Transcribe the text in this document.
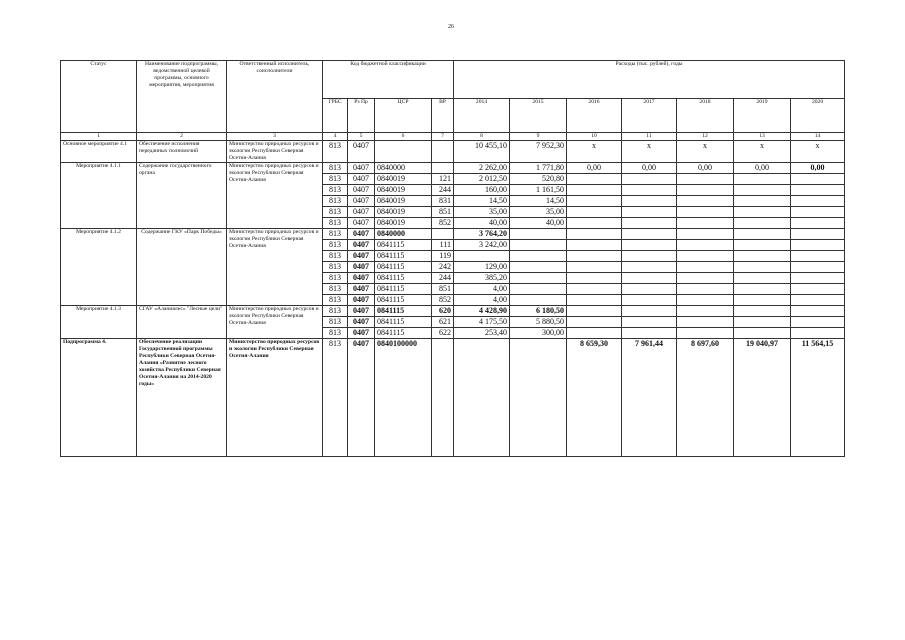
26
Статус	Наименование подпрограммы, ведомственной целевой программы, основного мероприятия, мероприятия	Ответственный исполнитель, соисполнители	Код бюджетной классификации				Расходы (тыс. рублей), годы						
			ГРБС	Рз Пр	ЦСР	ВР	2014	2015	2016	2017	2018	2019	2020
1	2	3	4	5	6	7	8	9	10	11	12	13	14
Основное мероприятие 4.1	Обеспечение исполнения переданных полномочий	Министерство природных ресурсов и экологии Республики Северная Осетия-Алания	813	0407			10 455,10	7 952,30	x	x	x	x	x
Мероприятие 4.1.1	Содержание государственного органа	Министерство природных ресурсов и экологии Республики Северная Осетия-Алания	813	0407	0840000		2 262,00	1 771,80	0,00	0,00	0,00	0,00	0,00
			813	0407	0840019	121	2 012,50	520,80					
			813	0407	0840019	244	160,00	1 161,50					
			813	0407	0840019	831	14,50	14,50					
			813	0407	0840019	851	35,00	35,00					
			813	0407	0840019	852	40,00	40,00					
Мероприятие 4.1.2	Содержание ГКУ «Парк Победы»	Министерство природных ресурсов и экологии Республики Северная Осетия-Алания	813	0407	0840000		3 764,20						
			813	0407	0841115	111	3 242,00						
			813	0407	0841115	119							
			813	0407	0841115	242	129,00						
			813	0407	0841115	244	385,20						
			813	0407	0841115	851	4,00						
			813	0407	0841115	852	4,00						
Мероприятие 4.1.3	СГАУ «Аланиялес» "Лесные цели"	Министерство природных ресурсов и экологии Республики Северная Осетия-Алания	813	0407	0841115	620	4 428,90	6 180,50					
			813	0407	0841115	621	4 175,50	5 880,50					
			813	0407	0841115	622	253,40	300,00					
Подпрограмма 4.	Обеспечение реализации Государственной программы Республики Северная Осетия-Алания «Развитие лесного хозяйства Республики Северная Осетия-Алания на 2014-2020 годы»	Министерство природных ресурсов и экологии Республики Северная Осетия-Алания	813	0407	0840100000				8 659,30	7 961,44	8 697,60	19 040,97	11 564,15
